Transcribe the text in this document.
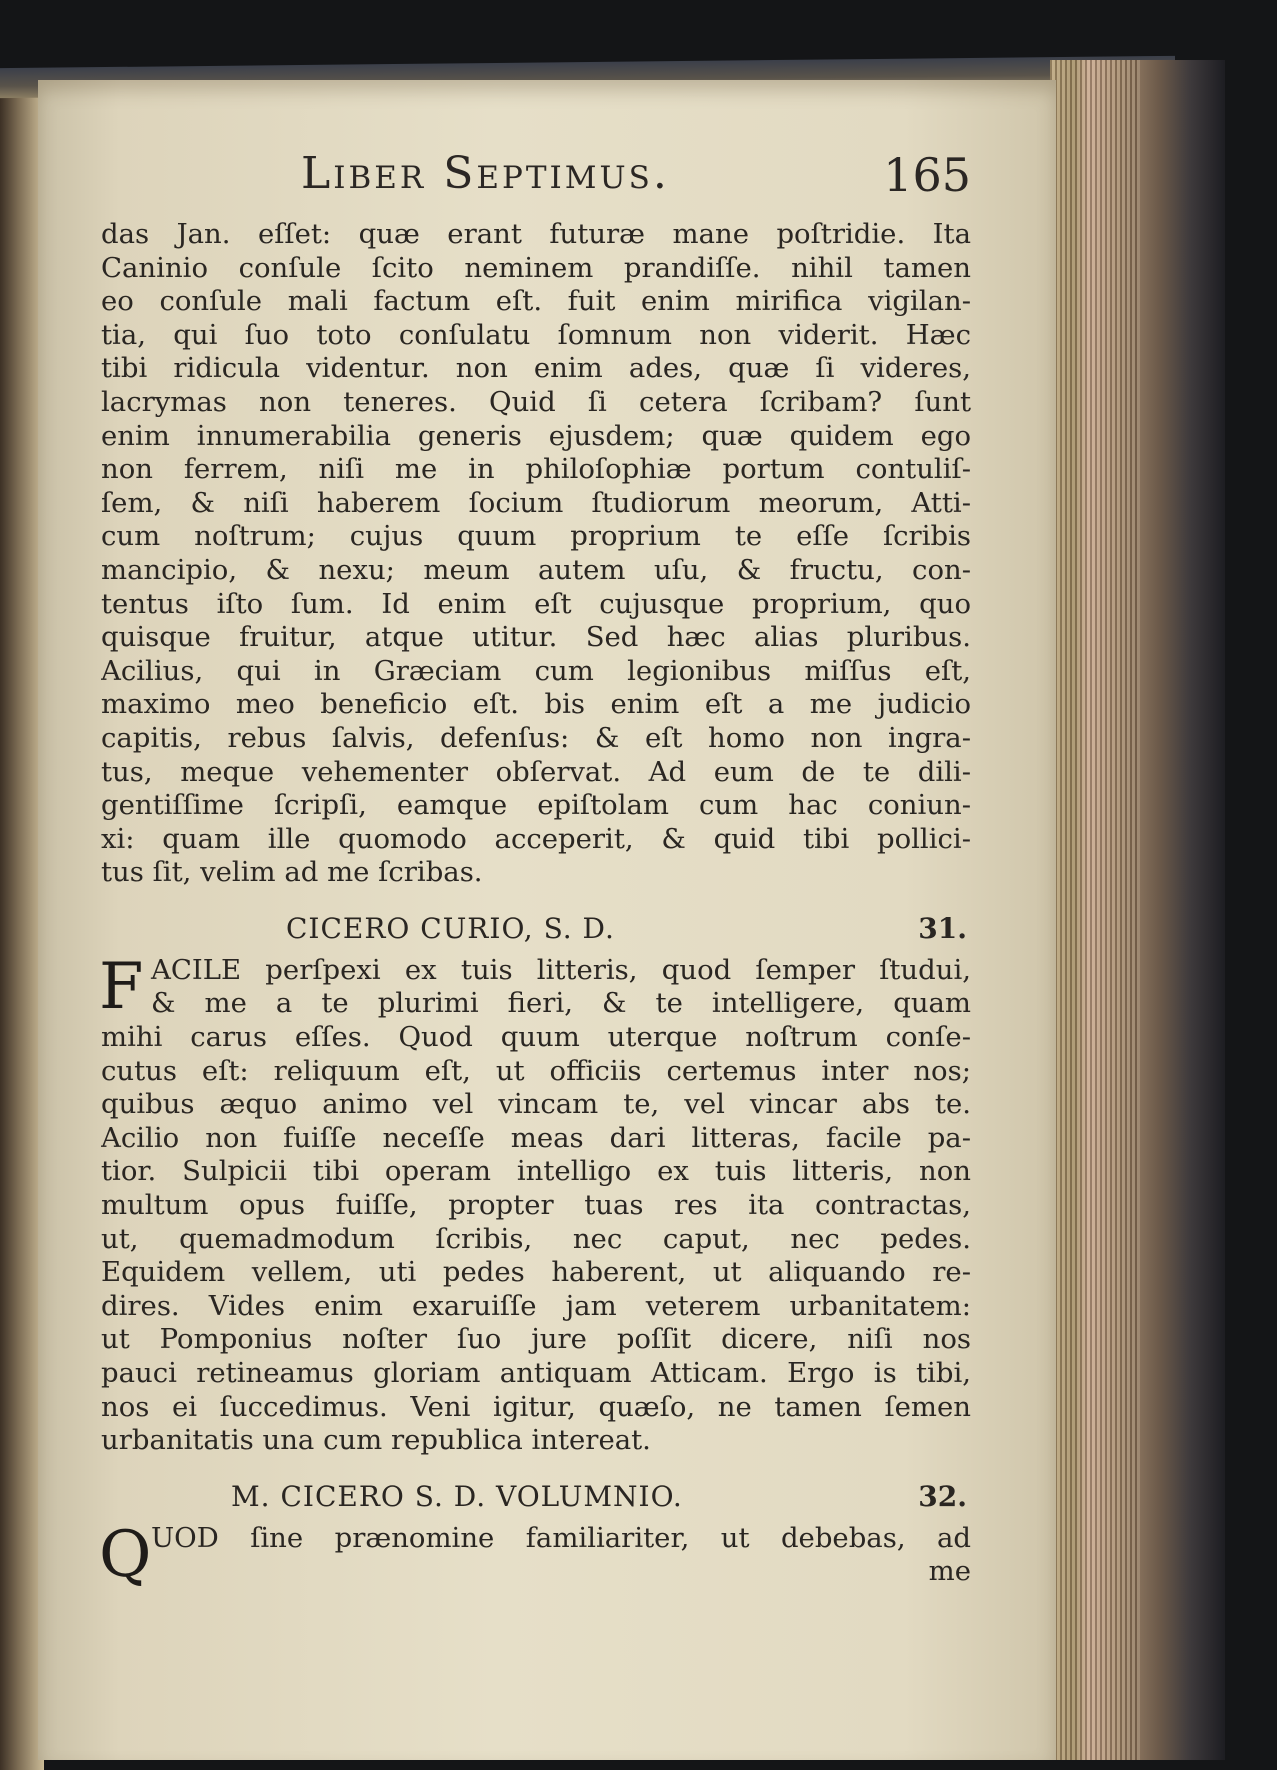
Liber Septimus.	165
das Jan. eſſet: quæ erant futuræ mane poſtridie. Ita
Caninio conſule ſcito neminem prandiſſe. nihil tamen
eo conſule mali factum eſt. fuit enim mirifica vigilan-
tia, qui ſuo toto conſulatu ſomnum non viderit. Hæc
tibi ridicula videntur. non enim ades, quæ ſi videres,
lacrymas non teneres. Quid ſi cetera ſcribam? ſunt
enim innumerabilia generis ejusdem; quæ quidem ego
non ferrem, niſi me in philoſophiæ portum contuliſ-
ſem, & niſi haberem ſocium ſtudiorum meorum, Atti-
cum noſtrum; cujus quum proprium te eſſe ſcribis
mancipio, & nexu; meum autem uſu, & fructu, con-
tentus iſto ſum. Id enim eſt cujusque proprium, quo
quisque fruitur, atque utitur. Sed hæc alias pluribus.
Acilius, qui in Græciam cum legionibus miſſus eſt,
maximo meo beneficio eſt. bis enim eſt a me judicio
capitis, rebus ſalvis, defenſus: & eſt homo non ingra-
tus, meque vehementer obſervat. Ad eum de te dili-
gentiſſime ſcripſi, eamque epiſtolam cum hac coniun-
xi: quam ille quomodo acceperit, & quid tibi pollici-
tus ſit, velim ad me ſcribas.
CICERO CURIO, S. D.	31.
F ACILE perſpexi ex tuis litteris, quod ſemper ſtudui,
& me a te plurimi fieri, & te intelligere, quam
mihi carus eſſes. Quod quum uterque noſtrum conſe-
cutus eſt: reliquum eſt, ut officiis certemus inter nos;
quibus æquo animo vel vincam te, vel vincar abs te.
Acilio non fuiſſe neceſſe meas dari litteras, facile pa-
tior. Sulpicii tibi operam intelligo ex tuis litteris, non
multum opus fuiſſe, propter tuas res ita contractas,
ut, quemadmodum ſcribis, nec caput, nec pedes.
Equidem vellem, uti pedes haberent, ut aliquando re-
dires. Vides enim exaruiſſe jam veterem urbanitatem:
ut Pomponius noſter ſuo jure poſſit dicere, niſi nos
pauci retineamus gloriam antiquam Atticam. Ergo is tibi,
nos ei ſuccedimus. Veni igitur, quæſo, ne tamen ſemen
urbanitatis una cum republica intereat.
M. CICERO S. D. VOLUMNIO.	32.
Q UOD ſine prænomine familiariter, ut debebas, ad
me
